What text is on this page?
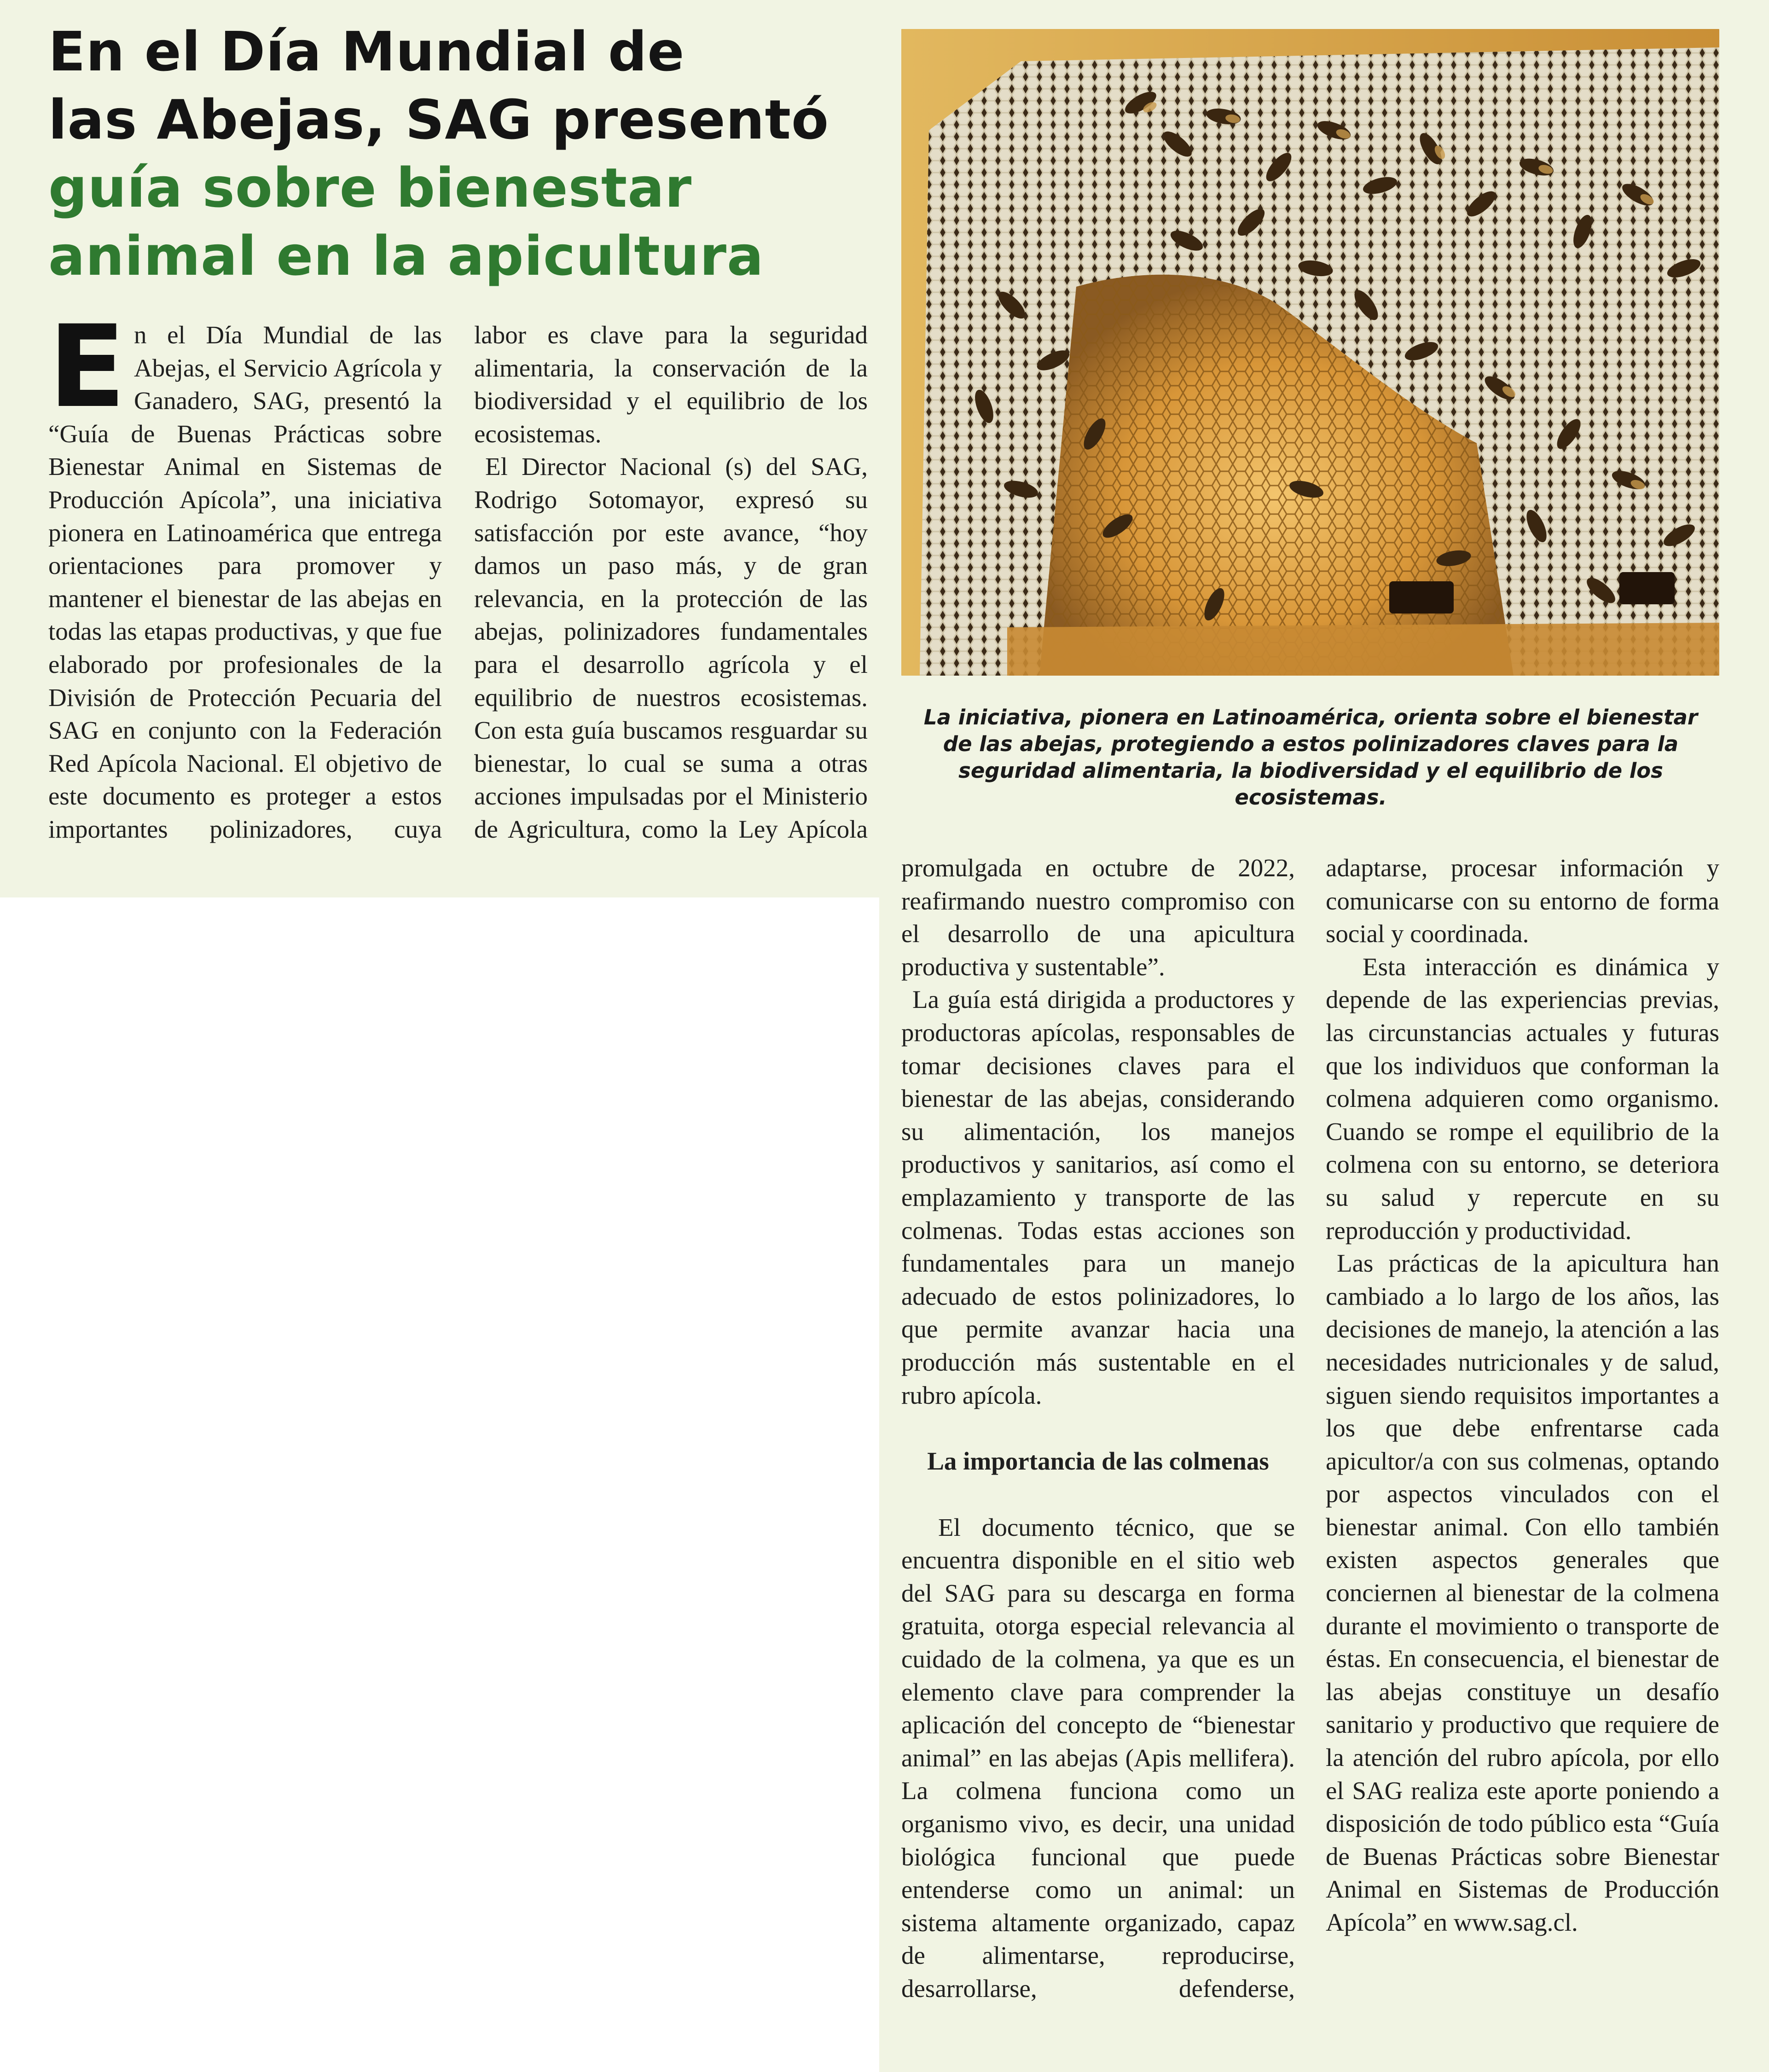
En el Día Mundial de
las Abejas, SAG presentó
guía sobre bienestar
animal en la apicultura

En el Día Mundial de las Abejas, el Servicio Agrícola y Ganadero, SAG, presentó la “Guía de Buenas Prácticas sobre Bienestar Animal en Sistemas de Producción Apícola”, una iniciativa pionera en Latinoamérica que entrega orientaciones para promover y mantener el bienestar de las abejas en todas las etapas productivas, y que fue elaborado por profesionales de la División de Protección Pecuaria del SAG en conjunto con la Federación Red Apícola Nacional. El objetivo de este documento es proteger a estos importantes polinizadores, cuya

labor es clave para la seguridad alimentaria, la conservación de la biodiversidad y el equilibrio de los ecosistemas.

El Director Nacional (s) del SAG, Rodrigo Sotomayor, expresó su satisfacción por este avance, “hoy damos un paso más, y de gran relevancia, en la protección de las abejas, polinizadores fundamentales para el desarrollo agrícola y el equilibrio de nuestros ecosistemas. Con esta guía buscamos resguardar su bienestar, lo cual se suma a otras acciones impulsadas por el Ministerio de Agricultura, como la Ley Apícola

La iniciativa, pionera en Latinoamérica, orienta sobre el bienestar de las abejas, protegiendo a estos polinizadores claves para la seguridad alimentaria, la biodiversidad y el equilibrio de los ecosistemas.

promulgada en octubre de 2022, reafirmando nuestro compromiso con el desarrollo de una apicultura productiva y sustentable”.

La guía está dirigida a productores y productoras apícolas, responsables de tomar decisiones claves para el bienestar de las abejas, considerando su alimentación, los manejos productivos y sanitarios, así como el emplazamiento y transporte de las colmenas. Todas estas acciones son fundamentales para un manejo adecuado de estos polinizadores, lo que permite avanzar hacia una producción más sustentable en el rubro apícola.

La importancia de las colmenas

El documento técnico, que se encuentra disponible en el sitio web del SAG para su descarga en forma gratuita, otorga especial relevancia al cuidado de la colmena, ya que es un elemento clave para comprender la aplicación del concepto de “bienestar animal” en las abejas (Apis mellifera). La colmena funciona como un organismo vivo, es decir, una unidad biológica funcional que puede entenderse como un animal: un sistema altamente organizado, capaz de alimentarse, reproducirse, desarrollarse, defenderse,

adaptarse, procesar información y comunicarse con su entorno de forma social y coordinada.

Esta interacción es dinámica y depende de las experiencias previas, las circunstancias actuales y futuras que los individuos que conforman la colmena adquieren como organismo. Cuando se rompe el equilibrio de la colmena con su entorno, se deteriora su salud y repercute en su reproducción y productividad.

Las prácticas de la apicultura han cambiado a lo largo de los años, las decisiones de manejo, la atención a las necesidades nutricionales y de salud, siguen siendo requisitos importantes a los que debe enfrentarse cada apicultor/a con sus colmenas, optando por aspectos vinculados con el bienestar animal. Con ello también existen aspectos generales que conciernen al bienestar de la colmena durante el movimiento o transporte de éstas. En consecuencia, el bienestar de las abejas constituye un desafío sanitario y productivo que requiere de la atención del rubro apícola, por ello el SAG realiza este aporte poniendo a disposición de todo público esta “Guía de Buenas Prácticas sobre Bienestar Animal en Sistemas de Producción Apícola” en www.sag.cl.
